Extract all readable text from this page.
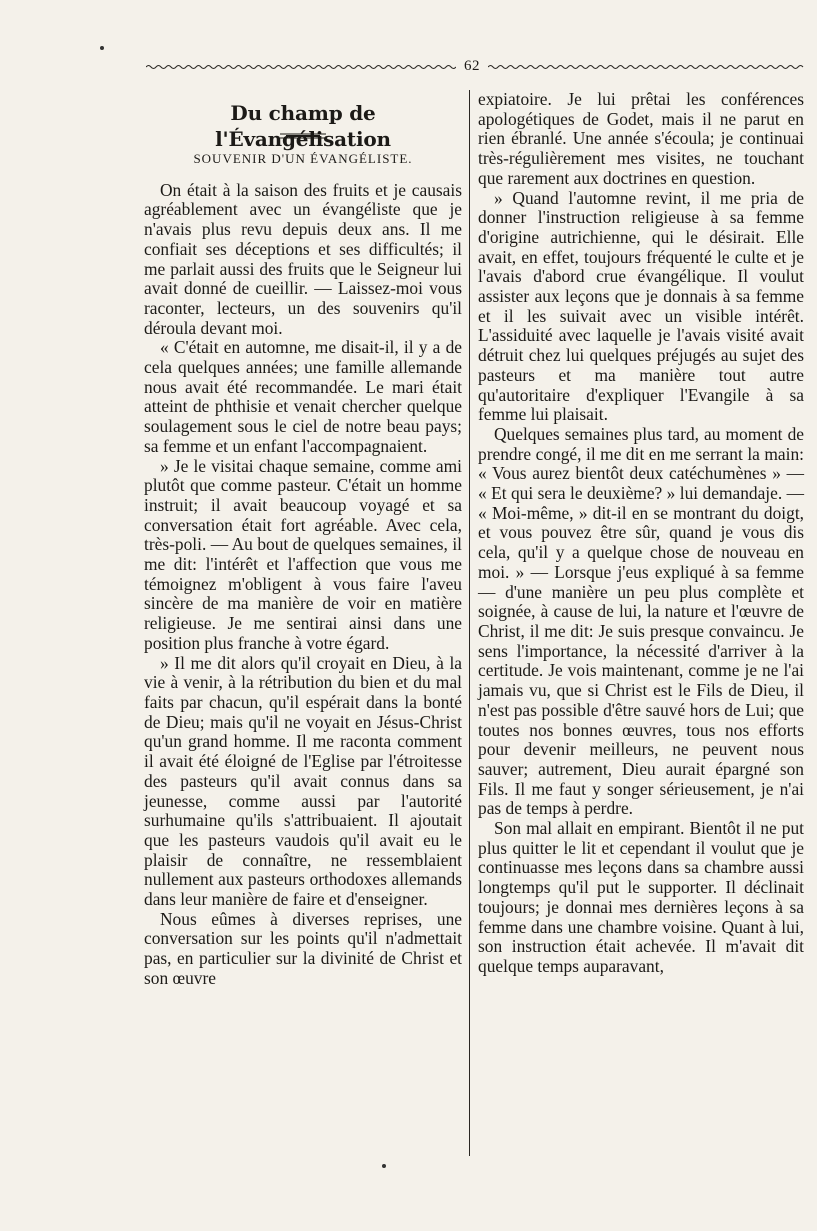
62
Du champ de l'Évangélisation
SOUVENIR D'UN ÉVANGÉLISTE.

On était à la saison des fruits et je causais agréablement avec un évangéliste que je n'avais plus revu depuis deux ans. Il me confiait ses déceptions et ses difficultés; il me parlait aussi des fruits que le Seigneur lui avait donné de cueillir. — Laissez-moi vous raconter, lecteurs, un des souvenirs qu'il déroula devant moi.

« C'était en automne, me disait-il, il y a de cela quelques années; une famille allemande nous avait été recommandée. Le mari était atteint de phthisie et venait chercher quelque soulagement sous le ciel de notre beau pays; sa femme et un enfant l'accompagnaient.

» Je le visitai chaque semaine, comme ami plutôt que comme pasteur. C'était un homme instruit; il avait beaucoup voyagé et sa conversation était fort agréable. Avec cela, très-poli. — Au bout de quelques semaines, il me dit: l'intérêt et l'affection que vous me témoignez m'obligent à vous faire l'aveu sincère de ma manière de voir en matière religieuse. Je me sentirai ainsi dans une position plus franche à votre égard.

» Il me dit alors qu'il croyait en Dieu, à la vie à venir, à la rétribution du bien et du mal faits par chacun, qu'il espérait dans la bonté de Dieu; mais qu'il ne voyait en Jésus-Christ qu'un grand homme. Il me raconta comment il avait été éloigné de l'Eglise par l'étroitesse des pasteurs qu'il avait connus dans sa jeunesse, comme aussi par l'autorité surhumaine qu'ils s'attribuaient. Il ajoutait que les pasteurs vaudois qu'il avait eu le plaisir de connaître, ne ressemblaient nullement aux pasteurs orthodoxes allemands dans leur manière de faire et d'enseigner.

Nous eûmes à diverses reprises, une conversation sur les points qu'il n'admettait pas, en particulier sur la divinité de Christ et son œuvre

expiatoire. Je lui prêtai les conférences apologétiques de Godet, mais il ne parut en rien ébranlé. Une année s'écoula; je continuai très-régulièrement mes visites, ne touchant que rarement aux doctrines en question.

» Quand l'automne revint, il me pria de donner l'instruction religieuse à sa femme d'origine autrichienne, qui le désirait. Elle avait, en effet, toujours fréquenté le culte et je l'avais d'abord crue évangélique. Il voulut assister aux leçons que je donnais à sa femme et il les suivait avec un visible intérêt. L'assiduité avec laquelle je l'avais visité avait détruit chez lui quelques préjugés au sujet des pasteurs et ma manière tout autre qu'autoritaire d'expliquer l'Evangile à sa femme lui plaisait.

Quelques semaines plus tard, au moment de prendre congé, il me dit en me serrant la main: « Vous aurez bientôt deux catéchumènes » — « Et qui sera le deuxième? » lui demandaje. — « Moi-même, » dit-il en se montrant du doigt, et vous pouvez être sûr, quand je vous dis cela, qu'il y a quelque chose de nouveau en moi. » — Lorsque j'eus expliqué à sa femme — d'une manière un peu plus complète et soignée, à cause de lui, la nature et l'œuvre de Christ, il me dit: Je suis presque convaincu. Je sens l'importance, la nécessité d'arriver à la certitude. Je vois maintenant, comme je ne l'ai jamais vu, que si Christ est le Fils de Dieu, il n'est pas possible d'être sauvé hors de Lui; que toutes nos bonnes œuvres, tous nos efforts pour devenir meilleurs, ne peuvent nous sauver; autrement, Dieu aurait épargné son Fils. Il me faut y songer sérieusement, je n'ai pas de temps à perdre.

Son mal allait en empirant. Bientôt il ne put plus quitter le lit et cependant il voulut que je continuasse mes leçons dans sa chambre aussi longtemps qu'il put le supporter. Il déclinait toujours; je donnai mes dernières leçons à sa femme dans une chambre voisine. Quant à lui, son instruction était achevée. Il m'avait dit quelque temps auparavant,
